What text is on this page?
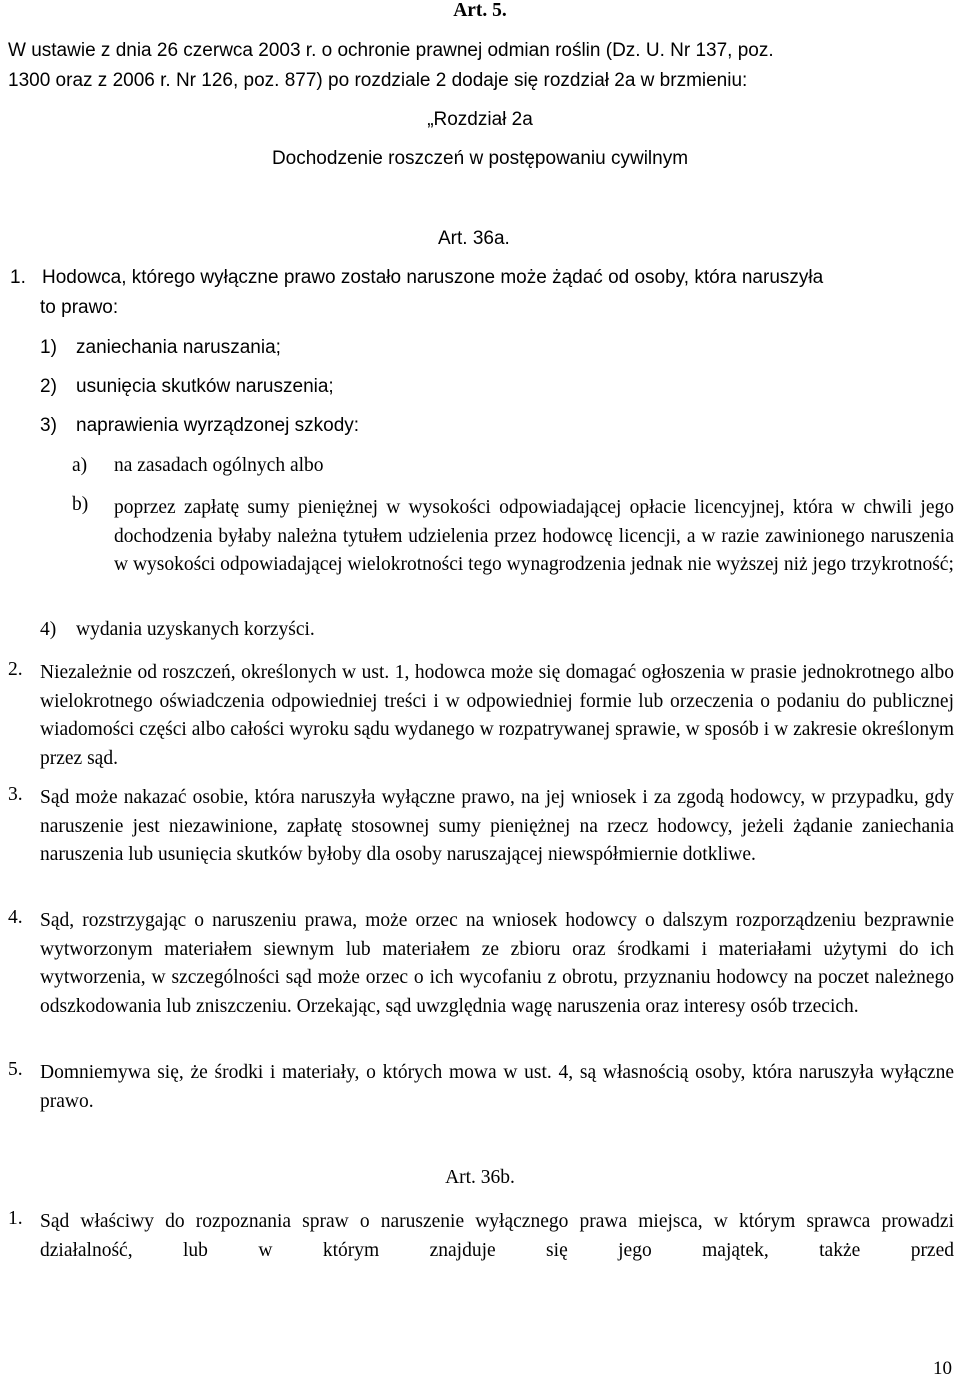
Art. 5.
W ustawie z dnia 26 czerwca 2003 r. o ochronie prawnej odmian roślin (Dz. U. Nr 137, poz.
1300 oraz z 2006 r. Nr 126, poz. 877) po rozdziale 2 dodaje się rozdział 2a w brzmieniu:
„Rozdział 2a
Dochodzenie roszczeń w postępowaniu cywilnym
Art. 36a.
1. Hodowca, którego wyłączne prawo zostało naruszone może żądać od osoby, która naruszyła
to prawo:
1) zaniechania naruszania;
2) usunięcia skutków naruszenia;
3) naprawienia wyrządzonej szkody:
a) na zasadach ogólnych albo
b) poprzez zapłatę sumy pieniężnej w wysokości odpowiadającej opłacie licencyjnej, która w chwili jego dochodzenia byłaby należna tytułem udzielenia przez hodowcę licencji, a w razie zawinionego naruszenia w wysokości odpowiadającej wielokrotności tego wynagrodzenia jednak nie wyższej niż jego trzykrotność;
4) wydania uzyskanych korzyści.
2. Niezależnie od roszczeń, określonych w ust. 1, hodowca może się domagać ogłoszenia w prasie jednokrotnego albo wielokrotnego oświadczenia odpowiedniej treści i w odpowiedniej formie lub orzeczenia o podaniu do publicznej wiadomości części albo całości wyroku sądu wydanego w rozpatrywanej sprawie, w sposób i w zakresie określonym przez sąd.
3. Sąd może nakazać osobie, która naruszyła wyłączne prawo, na jej wniosek i za zgodą hodowcy, w przypadku, gdy naruszenie jest niezawinione, zapłatę stosownej sumy pieniężnej na rzecz hodowcy, jeżeli żądanie zaniechania naruszenia lub usunięcia skutków byłoby dla osoby naruszającej niewspółmiernie dotkliwe.
4. Sąd, rozstrzygając o naruszeniu prawa, może orzec na wniosek hodowcy o dalszym rozporządzeniu bezprawnie wytworzonym materiałem siewnym lub materiałem ze zbioru oraz środkami i materiałami użytymi do ich wytworzenia, w szczególności sąd może orzec o ich wycofaniu z obrotu, przyznaniu hodowcy na poczet należnego odszkodowania lub zniszczeniu. Orzekając, sąd uwzględnia wagę naruszenia oraz interesy osób trzecich.
5. Domniemywa się, że środki i materiały, o których mowa w ust. 4, są własnością osoby, która naruszyła wyłączne prawo.
Art. 36b.
1. Sąd właściwy do rozpoznania spraw o naruszenie wyłącznego prawa miejsca, w którym sprawca prowadzi działalność, lub w którym znajduje się jego majątek, także przed
10
